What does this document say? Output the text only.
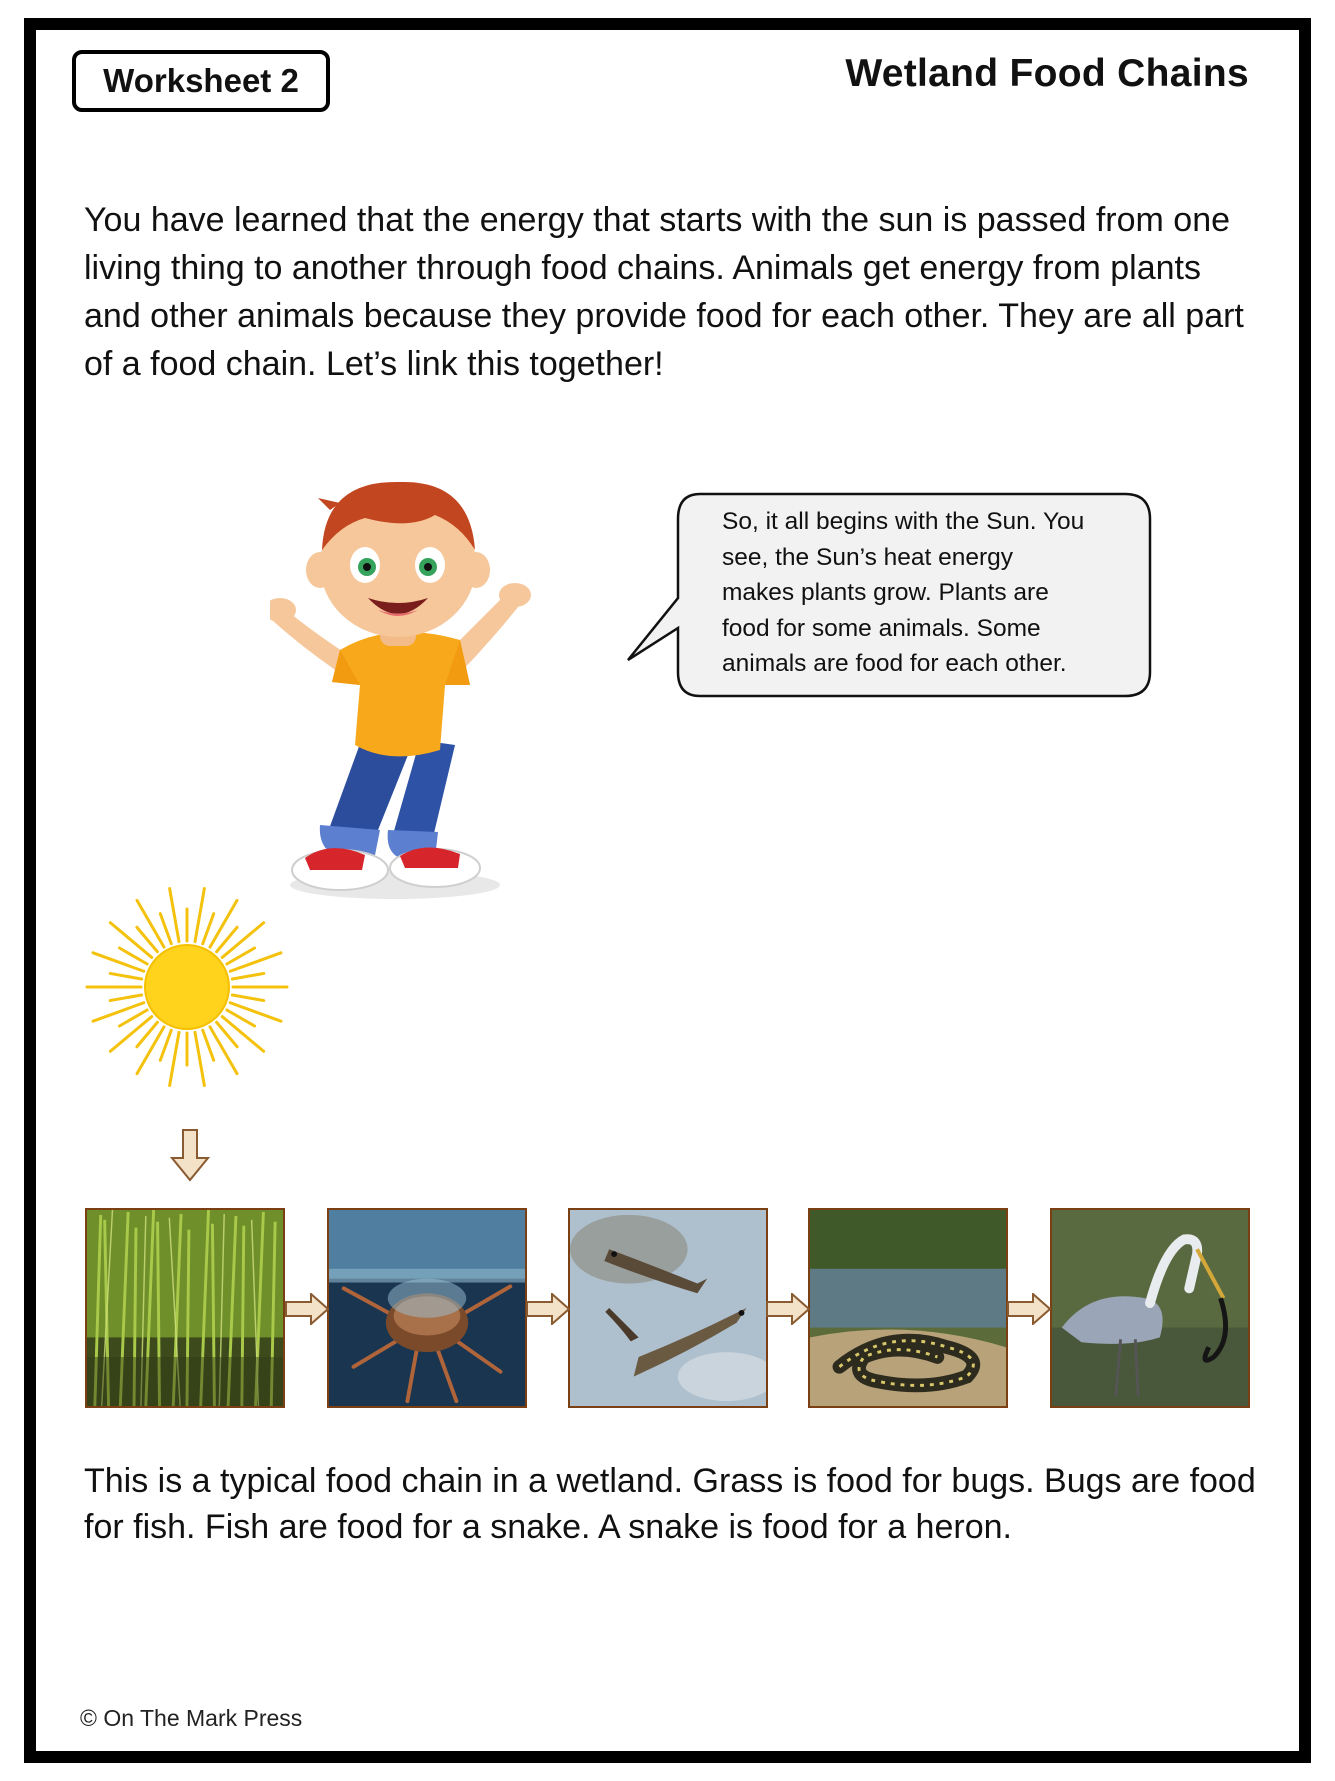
Worksheet 2	Wetland Food Chains

You have learned that the energy that starts with the sun is passed from one living thing to another through food chains. Animals get energy from plants and other animals because they provide food for each other. They are all part of a food chain. Let’s link this together!

So, it all begins with the Sun. You
see, the Sun’s heat energy
makes plants grow. Plants are
food for some animals. Some
animals are food for each other.

This is a typical food chain in a wetland. Grass is food for bugs. Bugs are food for fish. Fish are food for a snake. A snake is food for a heron.

© On The Mark Press
